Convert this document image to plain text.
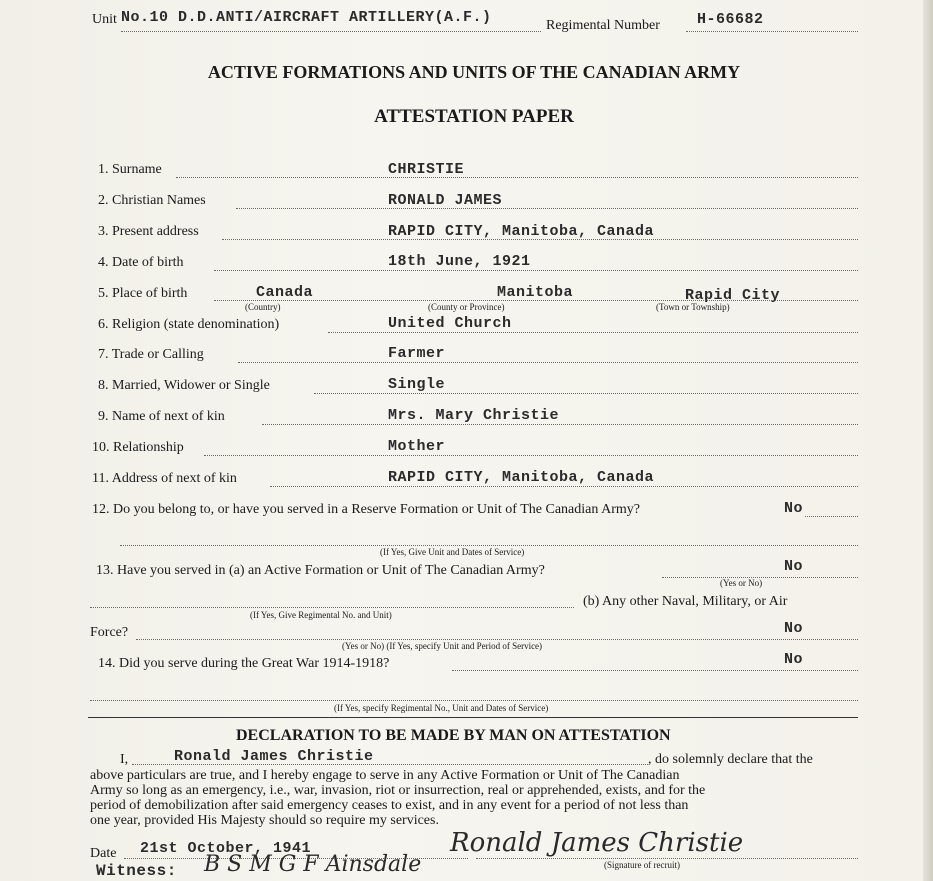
Unit No.10 D.D.ANTI/AIRCRAFT ARTILLERY(A.F.)	Regimental Number H-66682
ACTIVE FORMATIONS AND UNITS OF THE CANADIAN ARMY
ATTESTATION PAPER
1. Surname	CHRISTIE
2. Christian Names	RONALD JAMES
3. Present address	RAPID CITY, Manitoba, Canada
4. Date of birth	18th June, 1921
5. Place of birth	Canada	Manitoba	Rapid City
(Country)	(County or Province)	(Town or Township)
6. Religion (state denomination)	United Church
7. Trade or Calling	Farmer
8. Married, Widower or Single	Single
9. Name of next of kin	Mrs. Mary Christie
10. Relationship	Mother
11. Address of next of kin	RAPID CITY, Manitoba, Canada
12. Do you belong to, or have you served in a Reserve Formation or Unit of The Canadian Army?	No
(If Yes, Give Unit and Dates of Service)
13. Have you served in (a) an Active Formation or Unit of The Canadian Army?	No
(Yes or No)
(b) Any other Naval, Military, or Air
(If Yes, Give Regimental No. and Unit)
Force?	No
(Yes or No) (If Yes, specify Unit and Period of Service)
14. Did you serve during the Great War 1914-1918?	No
(If Yes, specify Regimental No., Unit and Dates of Service)
DECLARATION TO BE MADE BY MAN ON ATTESTATION
I,	Ronald James Christie	, do solemnly declare that the
above particulars are true, and I hereby engage to serve in any Active Formation or Unit of The Canadian
Army so long as an emergency, i.e., war, invasion, riot or insurrection, real or apprehended, exists, and for the
period of demobilization after said emergency ceases to exist, and in any event for a period of not less than
one year, provided His Majesty should so require my services.
Date 21st October, 1941	Ronald James Christie
(Signature of recruit)
Witness: B S M G F Ainsdale
